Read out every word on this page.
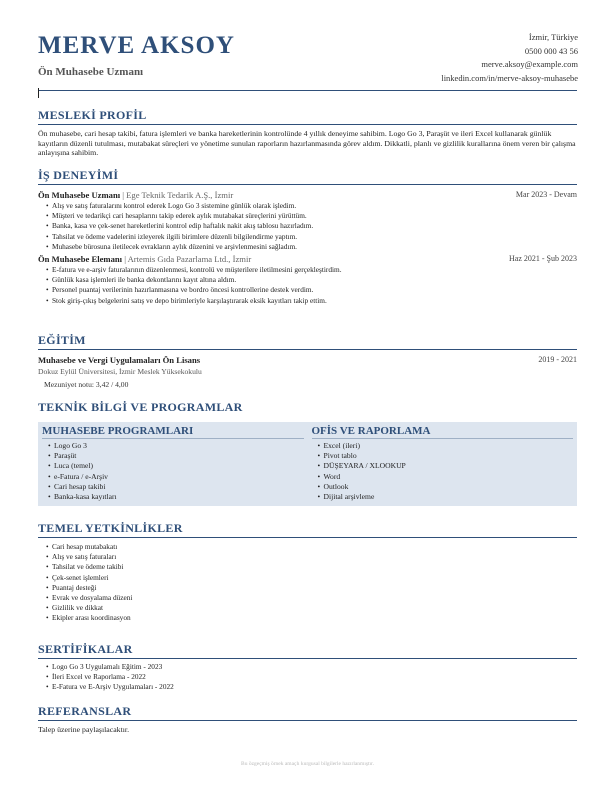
MERVE AKSOY
Ön Muhasebe Uzmanı
İzmir, Türkiye
0500 000 43 56
merve.aksoy@example.com
linkedin.com/in/merve-aksoy-muhasebe
MESLEKİ PROFİL
Ön muhasebe, cari hesap takibi, fatura işlemleri ve banka hareketlerinin kontrolünde 4 yıllık deneyime sahibim. Logo Go 3, Paraşüt ve ileri Excel kullanarak günlük kayıtların düzenli tutulması, mutabakat süreçleri ve yönetime sunulan raporların hazırlanmasında görev aldım. Dikkatli, planlı ve gizlilik kurallarına önem veren bir çalışma anlayışına sahibim.
İŞ DENEYİMİ
Ön Muhasebe Uzmanı | Ege Teknik Tedarik A.Ş., İzmir	Mar 2023 - Devam
• Alış ve satış faturalarını kontrol ederek Logo Go 3 sistemine günlük olarak işledim.
• Müşteri ve tedarikçi cari hesaplarını takip ederek aylık mutabakat süreçlerini yürüttüm.
• Banka, kasa ve çek-senet hareketlerini kontrol edip haftalık nakit akış tablosu hazırladım.
• Tahsilat ve ödeme vadelerini izleyerek ilgili birimlere düzenli bilgilendirme yaptım.
• Muhasebe bürosuna iletilecek evrakların aylık düzenini ve arşivlenmesini sağladım.
Ön Muhasebe Elemanı | Artemis Gıda Pazarlama Ltd., İzmir	Haz 2021 - Şub 2023
• E-fatura ve e-arşiv faturalarının düzenlenmesi, kontrolü ve müşterilere iletilmesini gerçekleştirdim.
• Günlük kasa işlemleri ile banka dekontlarını kayıt altına aldım.
• Personel puantaj verilerinin hazırlanmasına ve bordro öncesi kontrollerine destek verdim.
• Stok giriş-çıkış belgelerini satış ve depo birimleriyle karşılaştırarak eksik kayıtları takip ettim.
EĞİTİM
Muhasebe ve Vergi Uygulamaları Ön Lisans	2019 - 2021
Dokuz Eylül Üniversitesi, İzmir Meslek Yüksekokulu
Mezuniyet notu: 3,42 / 4,00
TEKNİK BİLGİ VE PROGRAMLAR
MUHASEBE PROGRAMLARI
• Logo Go 3
• Paraşüt
• Luca (temel)
• e-Fatura / e-Arşiv
• Cari hesap takibi
• Banka-kasa kayıtları
OFİS VE RAPORLAMA
• Excel (ileri)
• Pivot tablo
• DÜŞEYARA / XLOOKUP
• Word
• Outlook
• Dijital arşivleme
TEMEL YETKİNLİKLER
• Cari hesap mutabakatı
• Alış ve satış faturaları
• Tahsilat ve ödeme takibi
• Çek-senet işlemleri
• Puantaj desteği
• Evrak ve dosyalama düzeni
• Gizlilik ve dikkat
• Ekipler arası koordinasyon
SERTİFİKALAR
• Logo Go 3 Uygulamalı Eğitim - 2023
• İleri Excel ve Raporlama - 2022
• E-Fatura ve E-Arşiv Uygulamaları - 2022
REFERANSLAR
Talep üzerine paylaşılacaktır.
Bu özgeçmiş örnek amaçlı kurgusal bilgilerle hazırlanmıştır.
